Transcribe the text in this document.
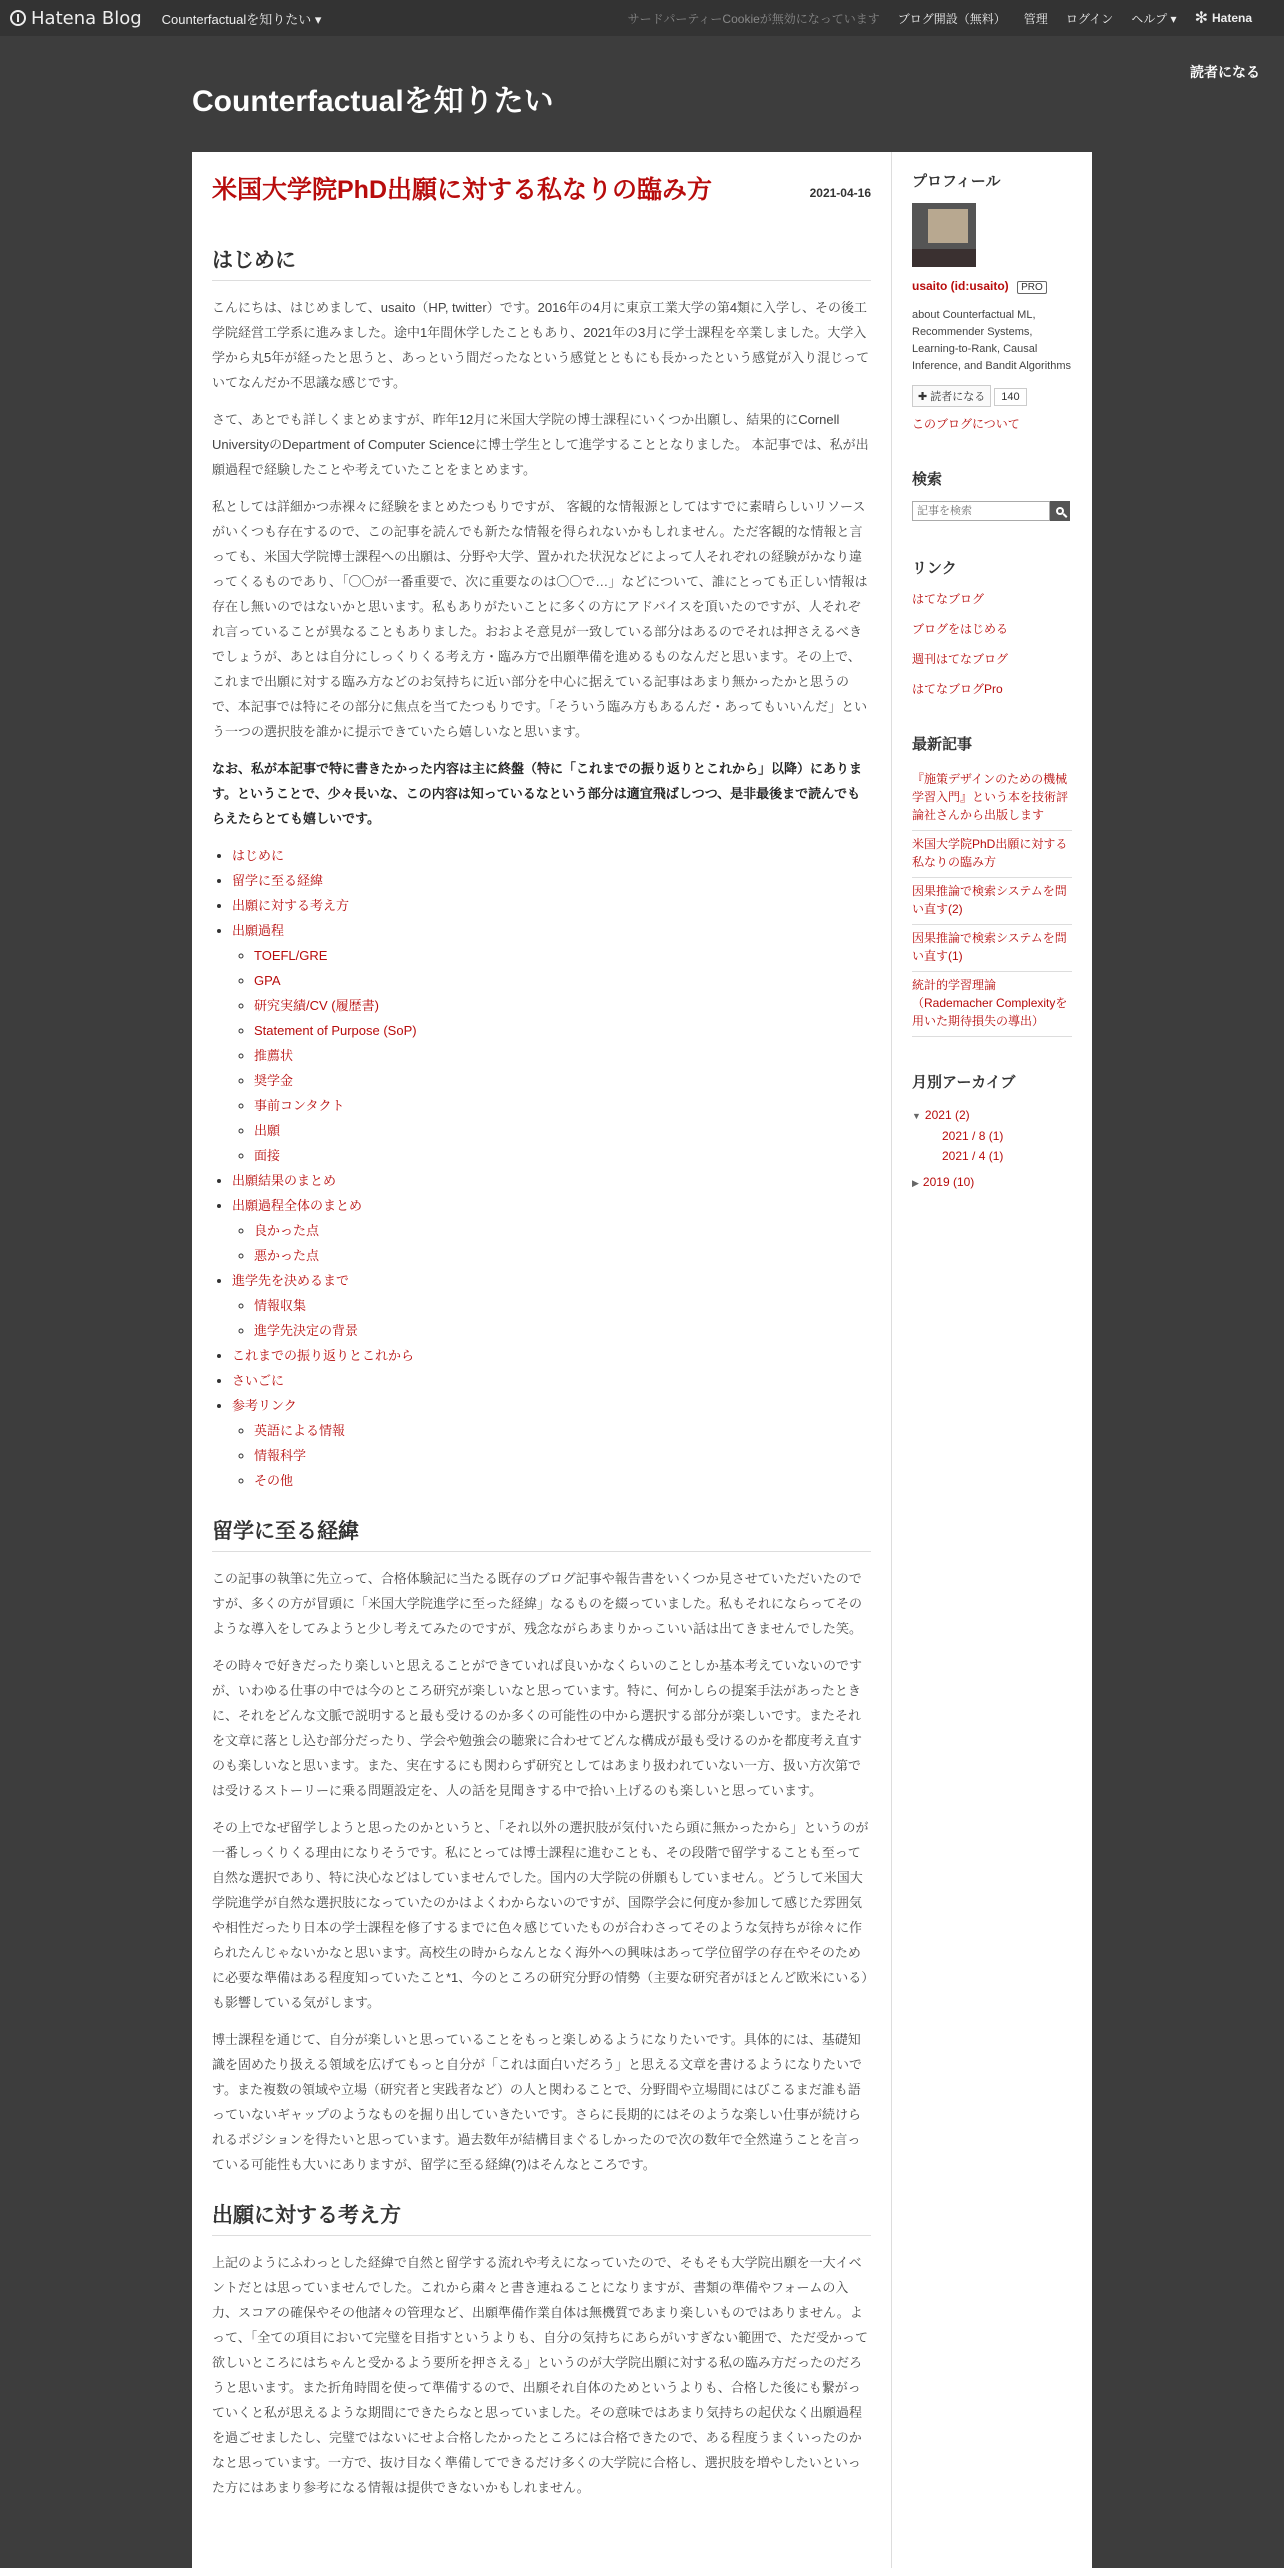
Hatena Blog Counterfactualを知りたい ▾	サードパーティーCookieが無効になっています ブログ開設（無料） 管理 ログイン ヘルプ ▾ ✻ Hatena
Counterfactualを知りたい
読者になる
米国大学院PhD出願に対する私なりの臨み方	2021-04-16
はじめに

こんにちは、はじめまして、usaito（HP, twitter）です。2016年の4月に東京工業大学の第4類に入学し、その後工学院経営工学系に進みました。途中1年間休学したこともあり、2021年の3月に学士課程を卒業しました。大学入学から丸5年が経ったと思うと、あっという間だったなという感覚とともにも長かったという感覚が入り混じっていてなんだか不思議な感じです。

さて、あとでも詳しくまとめますが、昨年12月に米国大学院の博士課程にいくつか出願し、結果的にCornell UniversityのDepartment of Computer Scienceに博士学生として進学することとなりました。 本記事では、私が出願過程で経験したことや考えていたことをまとめます。

私としては詳細かつ赤裸々に経験をまとめたつもりですが、 客観的な情報源としてはすでに素晴らしいリソースがいくつも存在するので、この記事を読んでも新たな情報を得られないかもしれません。ただ客観的な情報と言っても、米国大学院博士課程への出願は、分野や大学、置かれた状況などによって人それぞれの経験がかなり違ってくるものであり、「〇〇が一番重要で、次に重要なのは〇〇で…」などについて、誰にとっても正しい情報は存在し無いのではないかと思います。私もありがたいことに多くの方にアドバイスを頂いたのですが、人それぞれ言っていることが異なることもありました。おおよそ意見が一致している部分はあるのでそれは押さえるべきでしょうが、あとは自分にしっくりくる考え方・臨み方で出願準備を進めるものなんだと思います。その上で、これまで出願に対する臨み方などのお気持ちに近い部分を中心に据えている記事はあまり無かったかと思うので、本記事では特にその部分に焦点を当てたつもりです。「そういう臨み方もあるんだ・あってもいいんだ」という一つの選択肢を誰かに提示できていたら嬉しいなと思います。

なお、私が本記事で特に書きたかった内容は主に終盤（特に「これまでの振り返りとこれから」以降）にあります。ということで、少々長いな、この内容は知っているなという部分は適宜飛ばしつつ、是非最後まで読んでもらえたらとても嬉しいです。

• はじめに
• 留学に至る経緯
• 出願に対する考え方
• 出願過程
◦ TOEFL/GRE
◦ GPA
◦ 研究実績/CV (履歴書)
◦ Statement of Purpose (SoP)
◦ 推薦状
◦ 奨学金
◦ 事前コンタクト
◦ 出願
◦ 面接
• 出願結果のまとめ
• 出願過程全体のまとめ
◦ 良かった点
◦ 悪かった点
• 進学先を決めるまで
◦ 情報収集
◦ 進学先決定の背景
• これまでの振り返りとこれから
• さいごに
• 参考リンク
◦ 英語による情報
◦ 情報科学
◦ その他
留学に至る経緯

この記事の執筆に先立って、合格体験記に当たる既存のブログ記事や報告書をいくつか見させていただいたのですが、多くの方が冒頭に「米国大学院進学に至った経緯」なるものを綴っていました。私もそれにならってそのような導入をしてみようと少し考えてみたのですが、残念ながらあまりかっこいい話は出てきませんでした笑。

その時々で好きだったり楽しいと思えることができていれば良いかなくらいのことしか基本考えていないのですが、いわゆる仕事の中では今のところ研究が楽しいなと思っています。特に、何かしらの提案手法があったときに、それをどんな文脈で説明すると最も受けるのか多くの可能性の中から選択する部分が楽しいです。またそれを文章に落とし込む部分だったり、学会や勉強会の聴衆に合わせてどんな構成が最も受けるのかを都度考え直すのも楽しいなと思います。また、実在するにも関わらず研究としてはあまり扱われていない一方、扱い方次第では受けるストーリーに乗る問題設定を、人の話を見聞きする中で拾い上げるのも楽しいと思っています。

その上でなぜ留学しようと思ったのかというと、「それ以外の選択肢が気付いたら頭に無かったから」というのが一番しっくりくる理由になりそうです。私にとっては博士課程に進むことも、その段階で留学することも至って自然な選択であり、特に決心などはしていませんでした。国内の大学院の併願もしていません。どうして米国大学院進学が自然な選択肢になっていたのかはよくわからないのですが、国際学会に何度か参加して感じた雰囲気や相性だったり日本の学士課程を修了するまでに色々感じていたものが合わさってそのような気持ちが徐々に作られたんじゃないかなと思います。高校生の時からなんとなく海外への興味はあって学位留学の存在やそのために必要な準備はある程度知っていたこと*1、今のところの研究分野の情勢（主要な研究者がほとんど欧米にいる）も影響している気がします。

博士課程を通じて、自分が楽しいと思っていることをもっと楽しめるようになりたいです。具体的には、基礎知識を固めたり扱える領域を広げてもっと自分が「これは面白いだろう」と思える文章を書けるようになりたいです。また複数の領域や立場（研究者と実践者など）の人と関わることで、分野間や立場間にはびこるまだ誰も語っていないギャップのようなものを掘り出していきたいです。さらに長期的にはそのような楽しい仕事が続けられるポジションを得たいと思っています。過去数年が結構目まぐるしかったので次の数年で全然違うことを言っている可能性も大いにありますが、留学に至る経緯(?)はそんなところです。

出願に対する考え方

上記のようにふわっとした経緯で自然と留学する流れや考えになっていたので、そもそも大学院出願を一大イベントだとは思っていませんでした。これから粛々と書き連ねることになりますが、書類の準備やフォームの入力、スコアの確保やその他諸々の管理など、出願準備作業自体は無機質であまり楽しいものではありません。よって、「全ての項目において完璧を目指すというよりも、自分の気持ちにあらがいすぎない範囲で、ただ受かって欲しいところにはちゃんと受かるよう要所を押さえる」というのが大学院出願に対する私の臨み方だったのだろうと思います。また折角時間を使って準備するので、出願それ自体のためというよりも、合格した後にも繋がっていくと私が思えるような期間にできたらなと思っていました。その意味ではあまり気持ちの起伏なく出願過程を過ごせましたし、完璧ではないにせよ合格したかったところには合格できたので、ある程度うまくいったのかなと思っています。一方で、抜け目なく準備してできるだけ多くの大学院に合格し、選択肢を増やしたいといった方にはあまり参考になる情報は提供できないかもしれません。

プロフィール
usaito (id:usaito) PRO
about Counterfactual ML, Recommender Systems, Learning-to-Rank, Causal Inference, and Bandit Algorithms
✚ 読者になる 140
このブログについて
検索
記事を検索
リンク
はてなブログ
ブログをはじめる
週刊はてなブログ
はてなブログPro
最新記事
『施策デザインのための機械学習入門』という本を技術評論社さんから出版します
米国大学院PhD出願に対する私なりの臨み方
因果推論で検索システムを問い直す(2)
因果推論で検索システムを問い直す(1)
統計的学習理論（Rademacher Complexityを用いた期待損失の導出）
月別アーカイブ
▼ 2021 (2)
2021 / 8 (1)
2021 / 4 (1)
▶ 2019 (10)
